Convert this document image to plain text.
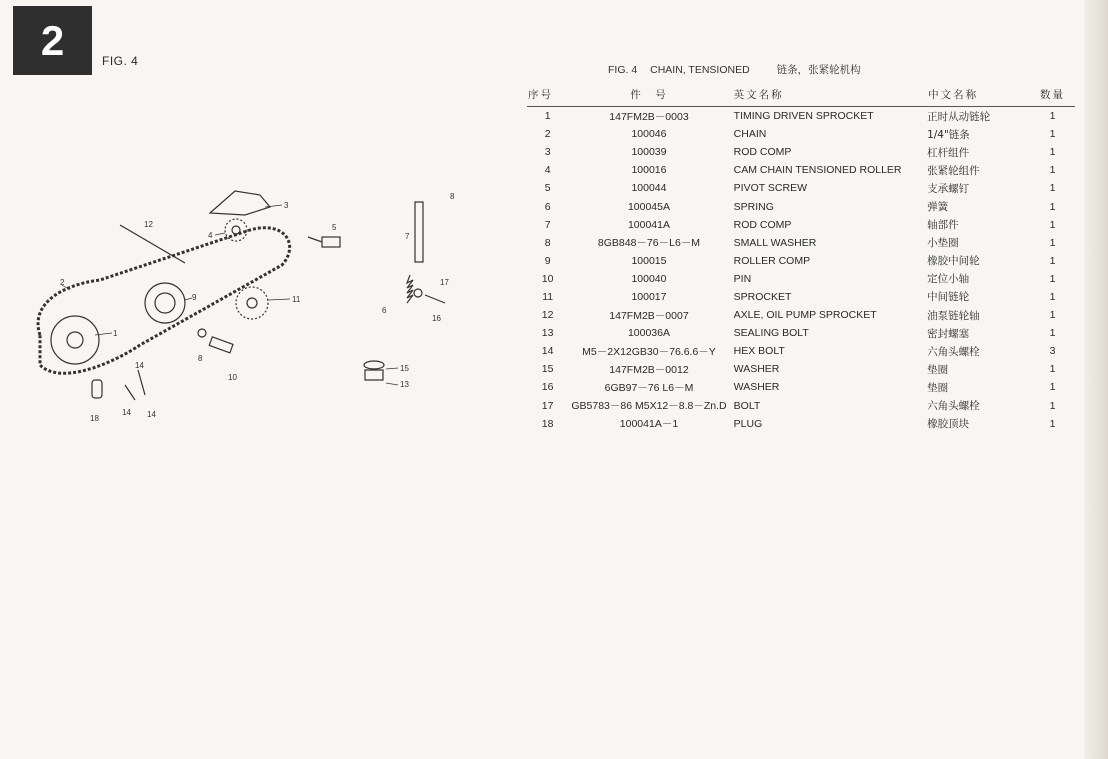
2	FIG. 4
1
2
3
4
5
6
7
8
8
9
10
11
12
13
14
14 14
15
16
17
18
FIG. 4 CHAIN, TENSIONED	链条，张紧轮机构
序号	件　号	英文名称	中文名称	数量
1	147FM2B－0003	TIMING DRIVEN SPROCKET	正时从动链轮	1
2	100046	CHAIN	1/4"链条	1
3	100039	ROD COMP	杠杆组件	1
4	100016	CAM CHAIN TENSIONED ROLLER	张紧轮组件	1
5	100044	PIVOT SCREW	支承螺钉	1
6	100045A	SPRING	弹簧	1
7	100041A	ROD COMP	轴部件	1
8	8GB848－76－L6－M	SMALL WASHER	小垫圈	1
9	100015	ROLLER COMP	橡胶中间轮	1
10	100040	PIN	定位小轴	1
11	100017	SPROCKET	中间链轮	1
12	147FM2B－0007	AXLE, OIL PUMP SPROCKET	油泵链轮轴	1
13	100036A	SEALING BOLT	密封螺塞	1
14	M5－2X12GB30－76.6.6－Y	HEX BOLT	六角头螺栓	3
15	147FM2B－0012	WASHER	垫圈	1
16	6GB97－76 L6－M	WASHER	垫圈	1
17	GB5783－86 M5X12－8.8－Zn.D	BOLT	六角头螺栓	1
18	100041A－1	PLUG	橡胶顶块	1
